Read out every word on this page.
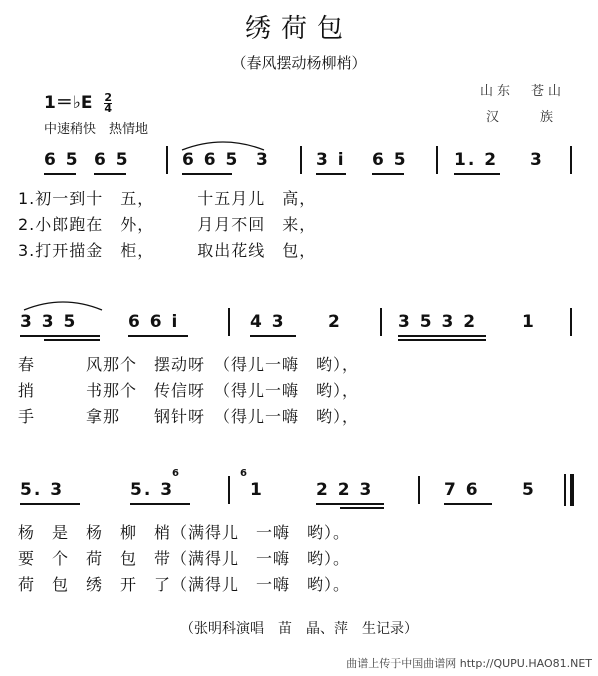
绣荷包
（春风摆动杨柳梢）
1＝♭E $\frac{2}{4}$
中速稍快　热情地
山东　苍山
汉　族
6 5 6 5	6 6 5 3	3 i 6 5	1. 2 3
1.初一到十　五，　　　十五月儿　高，
2.小郎跑在　外，　　　月月不回　来，
3.打开描金　柜，　　　取出花线　包，
3 3 5	6 6 i	4 3 2	3 5 3 2	1
春　　　风那个　摆动呀　（得儿一嗨　哟），
捎　　　书那个　传信呀　（得儿一嗨　哟），
手　　　拿那　　钢针呀　（得儿一嗨　哟），
5. 3	5. 3
6	6
1	2 2 3	7 6 5
杨　是　杨　柳　梢（满得儿　一嗨　哟）。
要　个　荷　包　带（满得儿　一嗨　哟）。
荷　包　绣　开　了（满得儿　一嗨　哟）。
（张明科演唱　苗　晶、萍　生记录）
曲谱上传于中国曲谱网 http://QUPU.HAO81.NET
